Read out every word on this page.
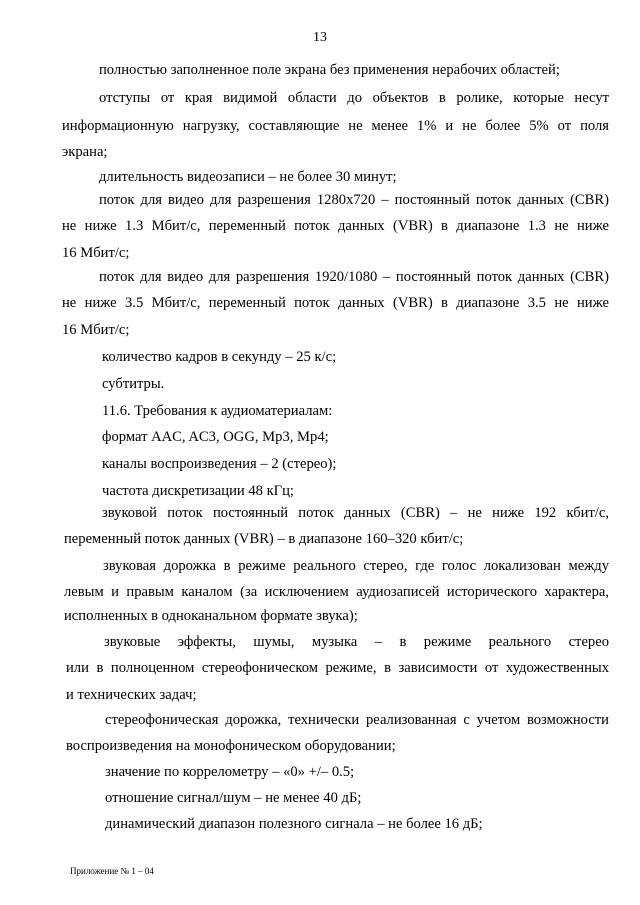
13
полностью заполненное поле экрана без применения нерабочих областей;
отступы от края видимой области до объектов в ролике, которые несут
информационную нагрузку, составляющие не менее 1% и не более 5% от поля
экрана;
длительность видеозаписи – не более 30 минут;
поток для видео для разрешения 1280х720 – постоянный поток данных (CBR)
не ниже 1.3 Мбит/с, переменный поток данных (VBR) в диапазоне 1.3 не ниже
16 Мбит/с;
поток для видео для разрешения 1920/1080 – постоянный поток данных (CBR)
не ниже 3.5 Мбит/с, переменный поток данных (VBR) в диапазоне 3.5 не ниже
16 Мбит/с;
количество кадров в секунду – 25 к/с;
субтитры.
11.6. Требования к аудиоматериалам:
формат AAC, AC3, OGG, Mp3, Mp4;
каналы воспроизведения – 2 (стерео);
частота дискретизации 48 кГц;
звуковой поток постоянный поток данных (CBR) – не ниже 192 кбит/с,
переменный поток данных (VBR) – в диапазоне 160–320 кбит/с;
звуковая дорожка в режиме реального стерео, где голос локализован между
левым и правым каналом (за исключением аудиозаписей исторического характера,
исполненных в одноканальном формате звука);
звуковые эффекты, шумы, музыка – в режиме реального стерео
или в полноценном стереофоническом режиме, в зависимости от художественных
и технических задач;
стереофоническая дорожка, технически реализованная с учетом возможности
воспроизведения на монофоническом оборудовании;
значение по коррелометру – «0» +/– 0.5;
отношение сигнал/шум – не менее 40 дБ;
динамический диапазон полезного сигнала – не более 16 дБ;
Приложение № 1 – 04
